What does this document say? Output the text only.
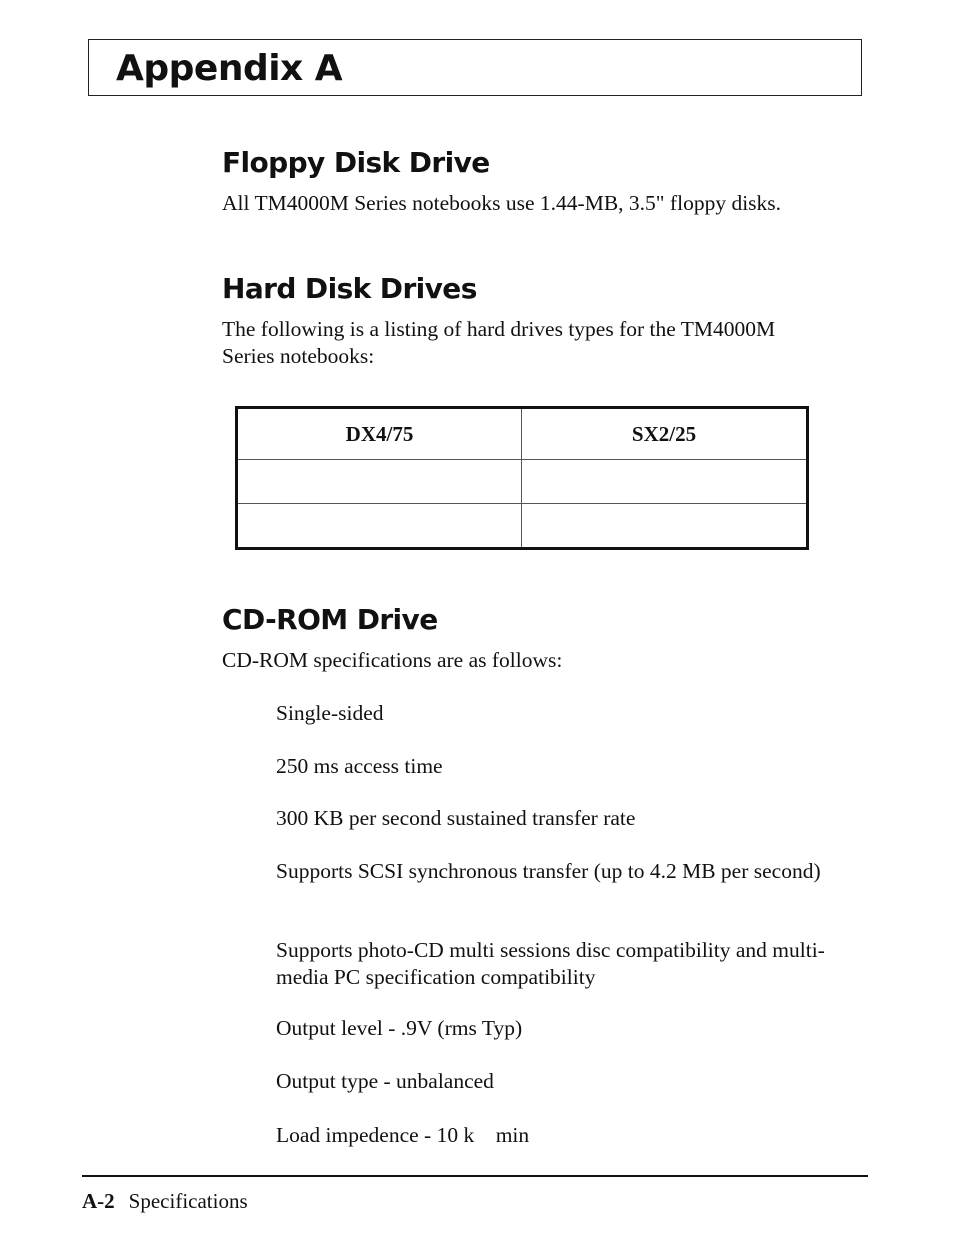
Appendix A
Floppy Disk Drive

All TM4000M Series notebooks use 1.44-MB, 3.5" floppy disks.

Hard Disk Drives

The following is a listing of hard drives types for the TM4000M Series notebooks:

DX4/75	SX2/25

CD-ROM Drive

CD-ROM specifications are as follows:

Single-sided
250 ms access time
300 KB per second sustained transfer rate
Supports SCSI synchronous transfer (up to 4.2 MB per second)
Supports photo-CD multi sessions disc compatibility and multi-media PC specification compatibility
Output level - .9V (rms Typ)
Output type - unbalanced
Load impedence - 10 k  min
A-2 Specifications
